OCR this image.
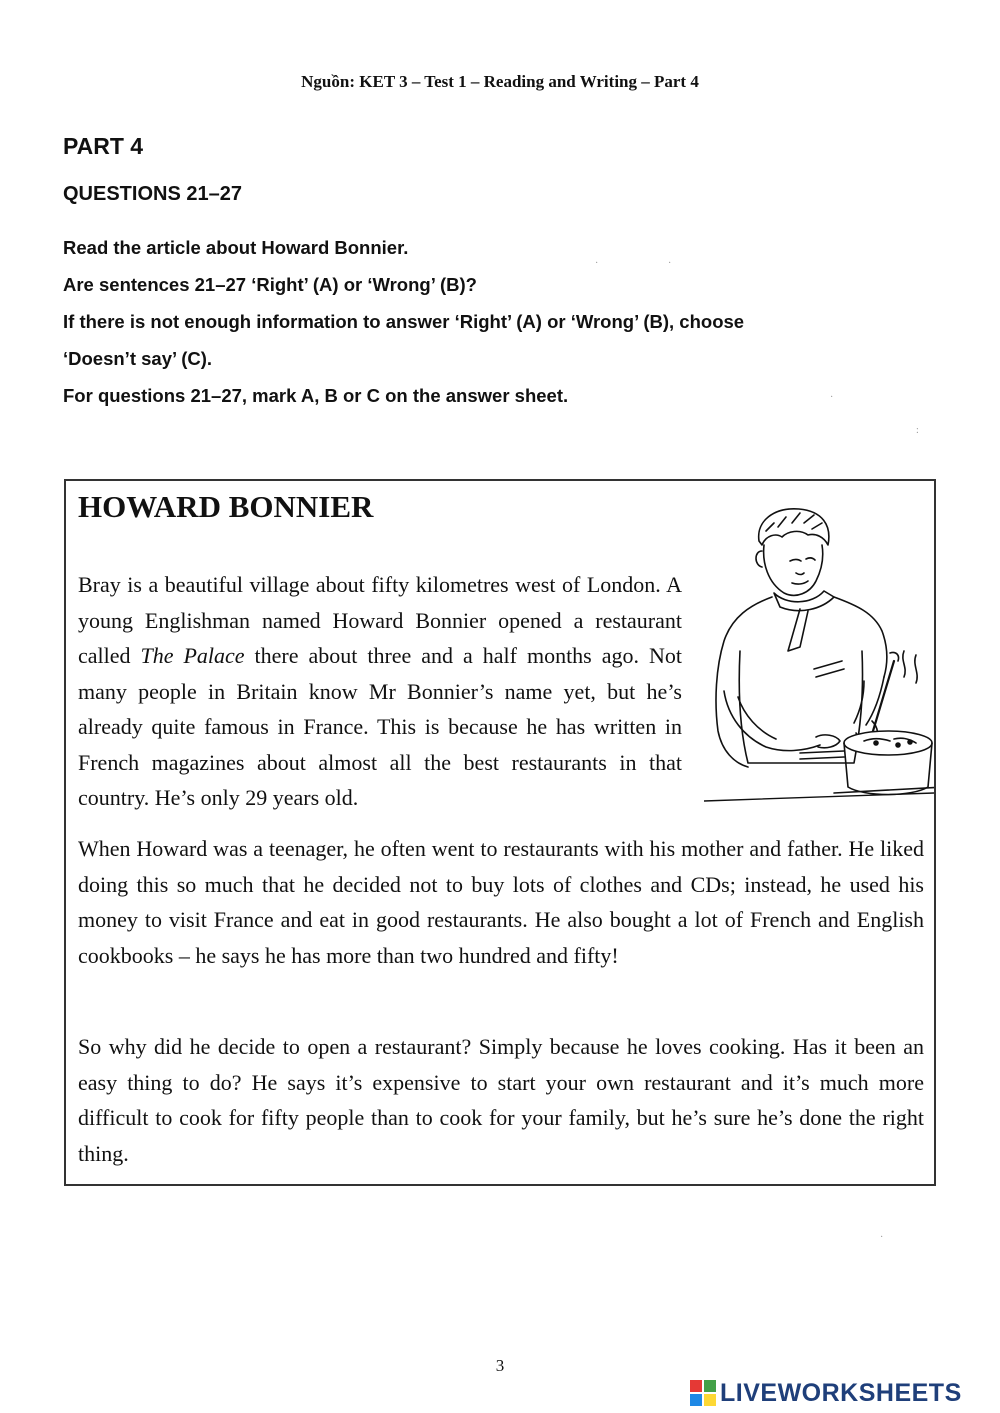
Nguồn: KET 3 – Test 1 – Reading and Writing – Part 4
PART 4
QUESTIONS 21–27
Read the article about Howard Bonnier.
Are sentences 21–27 ‘Right’ (A) or ‘Wrong’ (B)?
If there is not enough information to answer ‘Right’ (A) or ‘Wrong’ (B), choose
‘Doesn’t say’ (C).
For questions 21–27, mark A, B or C on the answer sheet.
·	·
·
:
·
HOWARD BONNIER

Bray is a beautiful village about fifty kilometres west of London. A young Englishman named Howard Bonnier opened a restaurant called The Palace there about three and a half months ago. Not many people in Britain know Mr Bonnier’s name yet, but he’s already quite famous in France. This is because he has written in French magazines about almost all the best restaurants in that country. He’s only 29 years old.

When Howard was a teenager, he often went to restaurants with his mother and father. He liked doing this so much that he decided not to buy lots of clothes and CDs; instead, he used his money to visit France and eat in good restaurants. He also bought a lot of French and English cookbooks – he says he has more than two hundred and fifty!

So why did he decide to open a restaurant? Simply because he loves cooking. Has it been an easy thing to do? He says it’s expensive to start your own restaurant and it’s much more difficult to cook for fifty people than to cook for your family, but he’s sure he’s done the right thing.

3
LIVEWORKSHEETS
